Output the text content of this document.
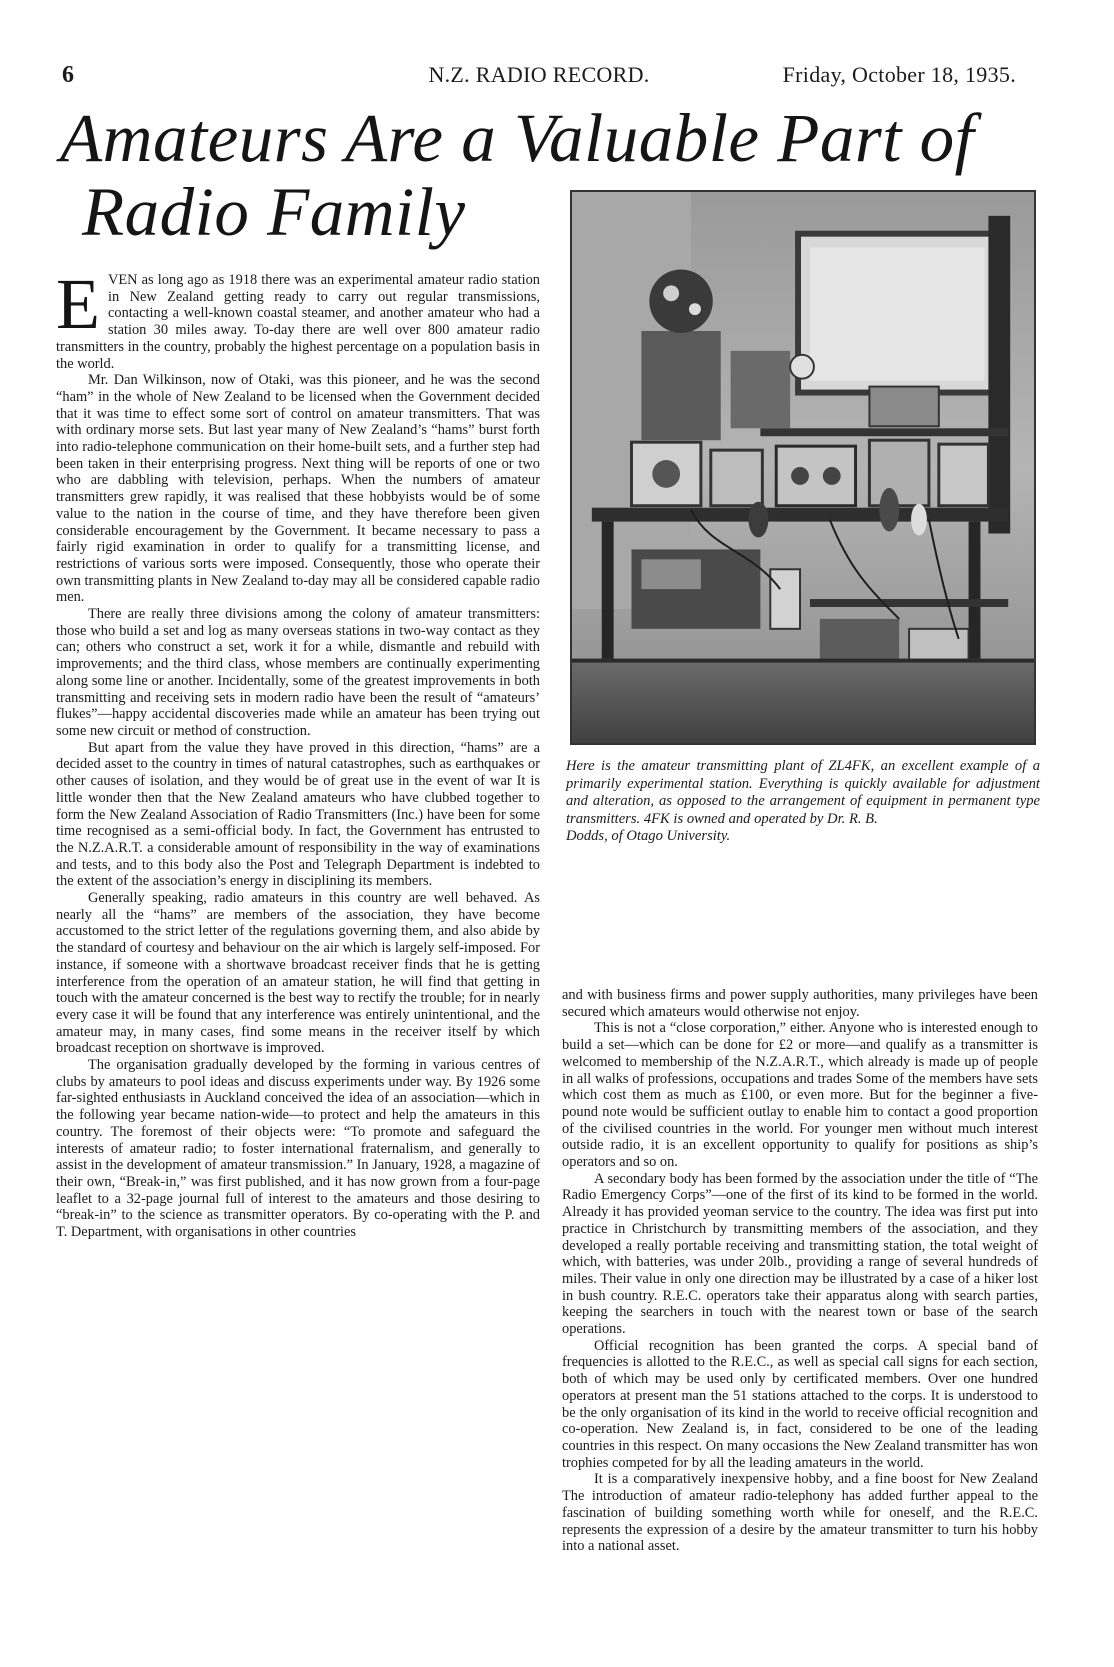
6	N.Z. RADIO RECORD.	Friday, October 18, 1935.
Amateurs Are a Valuable Part of
Radio Family
Here is the amateur transmitting plant of ZL4FK, an excellent example of a primarily experimental station. Everything is quickly available for adjustment and alteration, as opposed to the arrangement of equipment in permanent type transmitters. 4FK is owned and operated by Dr. R. B.
Dodds, of Otago University.

EVEN as long ago as 1918 there was an experimental amateur radio station in New Zealand getting ready to carry out regular transmissions, contacting a well-known coastal steamer, and another amateur who had a station 30 miles away. To-day there are well over 800 amateur radio transmitters in the country, probably the highest percentage on a population basis in the world.

Mr. Dan Wilkinson, now of Otaki, was this pioneer, and he was the second “ham” in the whole of New Zealand to be licensed when the Government decided that it was time to effect some sort of control on amateur transmitters. That was with ordinary morse sets. But last year many of New Zealand’s “hams” burst forth into radio-telephone communication on their home-built sets, and a further step had been taken in their enterprising progress. Next thing will be reports of one or two who are dabbling with television, perhaps. When the numbers of amateur transmitters grew rapidly, it was realised that these hobbyists would be of some value to the nation in the course of time, and they have therefore been given considerable encouragement by the Government. It became necessary to pass a fairly rigid examination in order to qualify for a transmitting license, and restrictions of various sorts were imposed. Consequently, those who operate their own transmitting plants in New Zealand to-day may all be considered capable radio men.

There are really three divisions among the colony of amateur transmitters: those who build a set and log as many overseas stations in two-way contact as they can; others who construct a set, work it for a while, dismantle and rebuild with improvements; and the third class, whose members are continually experimenting along some line or another. Incidentally, some of the greatest improvements in both transmitting and receiving sets in modern radio have been the result of “amateurs’ flukes”—happy accidental discoveries made while an amateur has been trying out some new circuit or method of construction.

But apart from the value they have proved in this direction, “hams” are a decided asset to the country in times of natural catastrophes, such as earthquakes or other causes of isolation, and they would be of great use in the event of war It is little wonder then that the New Zealand amateurs who have clubbed together to form the New Zealand Association of Radio Transmitters (Inc.) have been for some time recognised as a semi-official body. In fact, the Government has entrusted to the N.Z.A.R.T. a considerable amount of responsibility in the way of examinations and tests, and to this body also the Post and Telegraph Department is indebted to the extent of the association’s energy in disciplining its members.

Generally speaking, radio amateurs in this country are well behaved. As nearly all the “hams” are members of the association, they have become accustomed to the strict letter of the regulations governing them, and also abide by the standard of courtesy and behaviour on the air which is largely self-imposed. For instance, if someone with a shortwave broadcast receiver finds that he is getting interference from the operation of an amateur station, he will find that getting in touch with the amateur concerned is the best way to rectify the trouble; for in nearly every case it will be found that any interference was entirely unintentional, and the amateur may, in many cases, find some means in the receiver itself by which broadcast reception on shortwave is improved.

The organisation gradually developed by the forming in various centres of clubs by amateurs to pool ideas and discuss experiments under way. By 1926 some far-sighted enthusiasts in Auckland conceived the idea of an association—which in the following year became nation-wide—to protect and help the amateurs in this country. The foremost of their objects were: “To promote and safeguard the interests of amateur radio; to foster international fraternalism, and generally to assist in the development of amateur transmission.” In January, 1928, a magazine of their own, “Break-in,” was first published, and it has now grown from a four-page leaflet to a 32-page journal full of interest to the amateurs and those desiring to “break-in” to the science as transmitter operators. By co-operating with the P. and T. Department, with organisations in other countries

and with business firms and power supply authorities, many privileges have been secured which amateurs would otherwise not enjoy.

This is not a “close corporation,” either. Anyone who is interested enough to build a set—which can be done for £2 or more—and qualify as a transmitter is welcomed to membership of the N.Z.A.R.T., which already is made up of people in all walks of professions, occupations and trades Some of the members have sets which cost them as much as £100, or even more. But for the beginner a five-pound note would be sufficient outlay to enable him to contact a good proportion of the civilised countries in the world. For younger men without much interest outside radio, it is an excellent opportunity to qualify for positions as ship’s operators and so on.

A secondary body has been formed by the association under the title of “The Radio Emergency Corps”—one of the first of its kind to be formed in the world. Already it has provided yeoman service to the country. The idea was first put into practice in Christchurch by transmitting members of the association, and they developed a really portable receiving and transmitting station, the total weight of which, with batteries, was under 20lb., providing a range of several hundreds of miles. Their value in only one direction may be illustrated by a case of a hiker lost in bush country. R.E.C. operators take their apparatus along with search parties, keeping the searchers in touch with the nearest town or base of the search operations.

Official recognition has been granted the corps. A special band of frequencies is allotted to the R.E.C., as well as special call signs for each section, both of which may be used only by certificated members. Over one hundred operators at present man the 51 stations attached to the corps. It is understood to be the only organisation of its kind in the world to receive official recognition and co-operation. New Zealand is, in fact, considered to be one of the leading countries in this respect. On many occasions the New Zealand transmitter has won trophies competed for by all the leading amateurs in the world.

It is a comparatively inexpensive hobby, and a fine boost for New Zealand The introduction of amateur radio-telephony has added further appeal to the fascination of building something worth while for oneself, and the R.E.C. represents the expression of a desire by the amateur transmitter to turn his hobby into a national asset.
